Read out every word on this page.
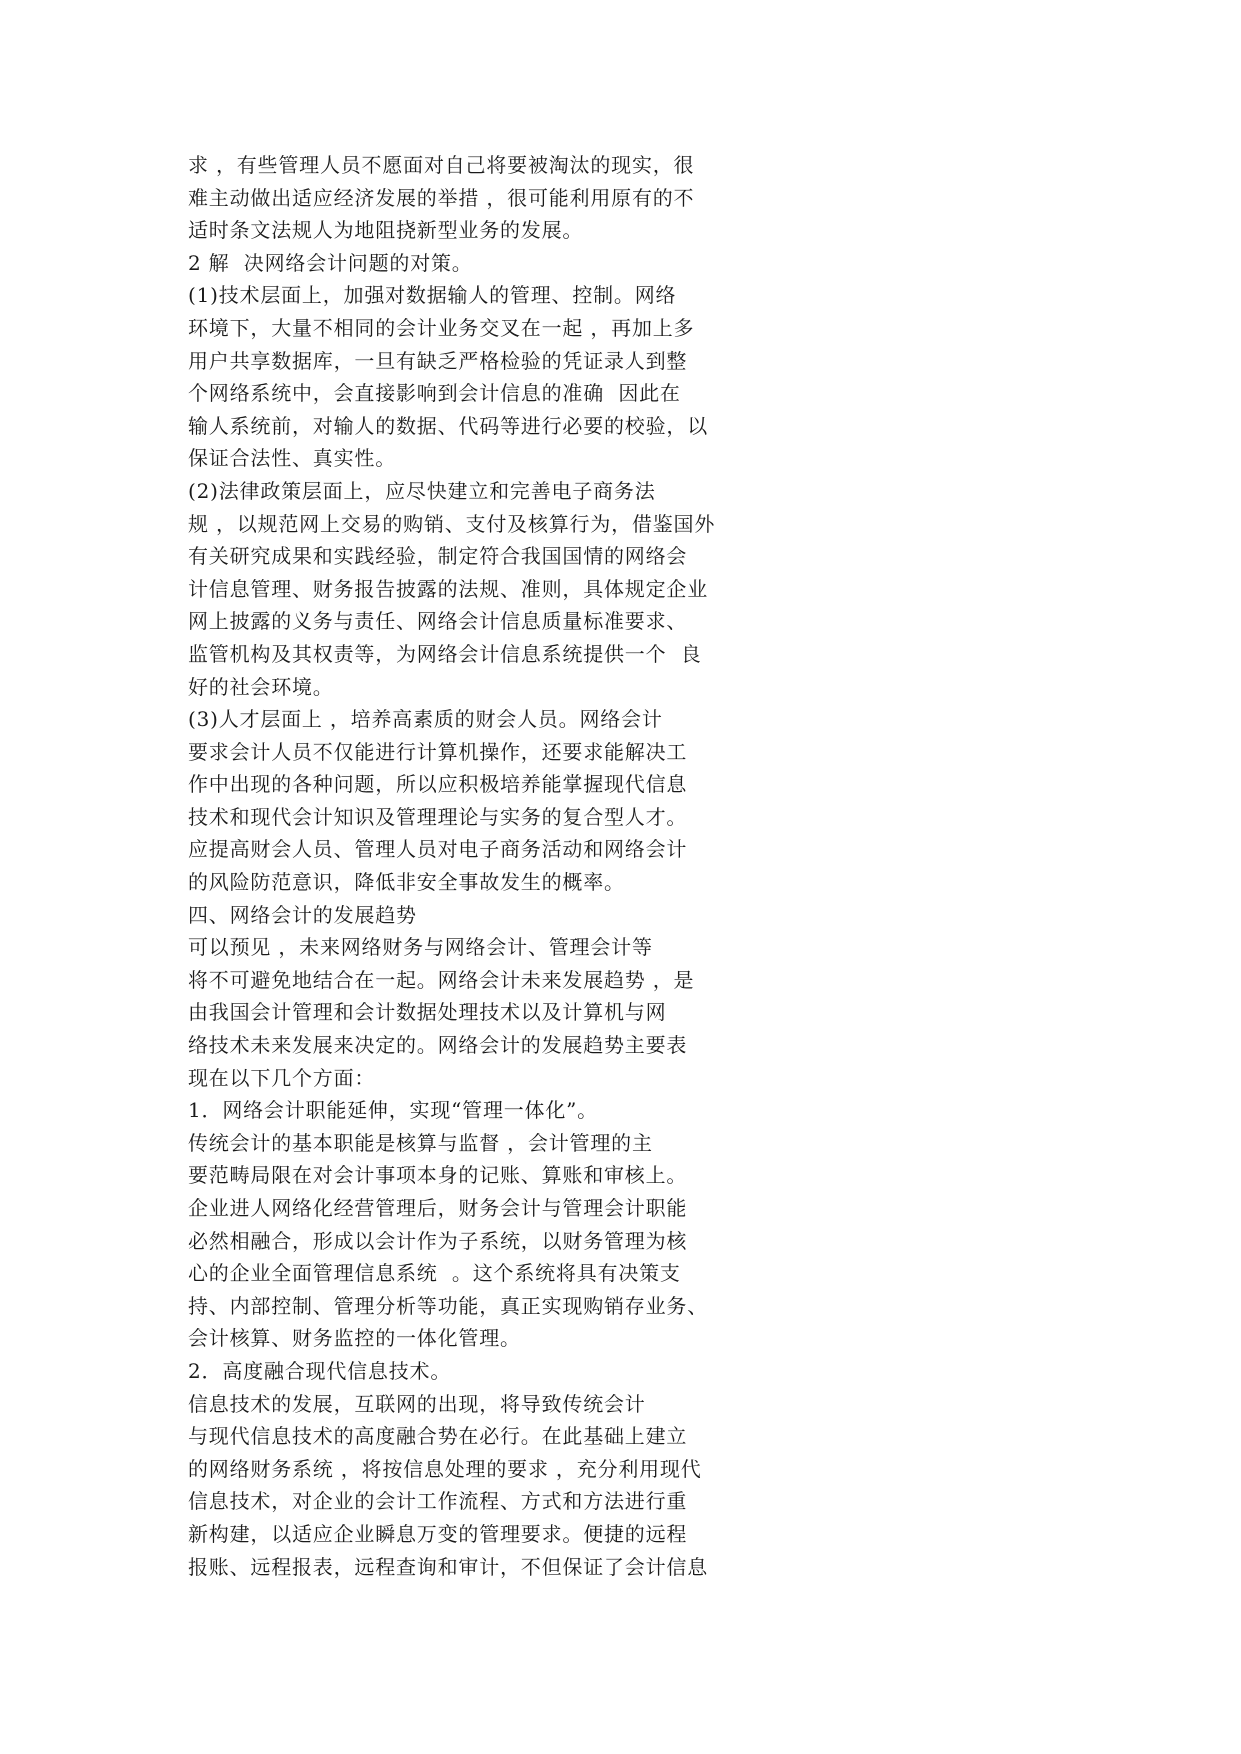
求 ，有些管理人员不愿面对自己将要被淘汰的现实，很
难主动做出适应经济发展的举措 ，很可能利用原有的不
适时条文法规人为地阻挠新型业务的发展。
2 解  决网络会计问题的对策。
(1)技术层面上，加强对数据输人的管理、控制。网络
环境下，大量不相同的会计业务交叉在一起 ，再加上多
用户共享数据库，一旦有缺乏严格检验的凭证录人到整
个网络系统中，会直接影响到会计信息的准确  因此在
输人系统前，对输人的数据、代码等进行必要的校验，以
保证合法性、真实性。
(2)法律政策层面上，应尽快建立和完善电子商务法
规 ，以规范网上交易的购销、支付及核算行为，借鉴国外
有关研究成果和实践经验，制定符合我国国情的网络会
计信息管理、财务报告披露的法规、准则，具体规定企业
网上披露的义务与责任、网络会计信息质量标准要求、
监管机构及其权责等，为网络会计信息系统提供一个  良
好的社会环境。
(3)人才层面上 ，培养高素质的财会人员。网络会计
要求会计人员不仅能进行计算机操作，还要求能解决工
作中出现的各种问题，所以应积极培养能掌握现代信息
技术和现代会计知识及管理理论与实务的复合型人才。
应提高财会人员、管理人员对电子商务活动和网络会计
的风险防范意识，降低非安全事故发生的概率。
四、网络会计的发展趋势
可以预见 ，未来网络财务与网络会计、管理会计等
将不可避免地结合在一起。网络会计未来发展趋势 ，是
由我国会计管理和会计数据处理技术以及计算机与网
络技术未来发展来决定的。网络会计的发展趋势主要表
现在以下几个方面：
1．网络会计职能延伸，实现“管理一体化”。
传统会计的基本职能是核算与监督 ，会计管理的主
要范畴局限在对会计事项本身的记账、算账和审核上。
企业进人网络化经营管理后，财务会计与管理会计职能
必然相融合，形成以会计作为子系统，以财务管理为核
心的企业全面管理信息系统  。这个系统将具有决策支
持、内部控制、管理分析等功能，真正实现购销存业务、
会计核算、财务监控的一体化管理。
2．高度融合现代信息技术。
信息技术的发展，互联网的出现，将导致传统会计
与现代信息技术的高度融合势在必行。在此基础上建立
的网络财务系统 ，将按信息处理的要求 ，充分利用现代
信息技术，对企业的会计工作流程、方式和方法进行重
新构建，以适应企业瞬息万变的管理要求。便捷的远程
报账、远程报表，远程查询和审计，不但保证了会计信息
